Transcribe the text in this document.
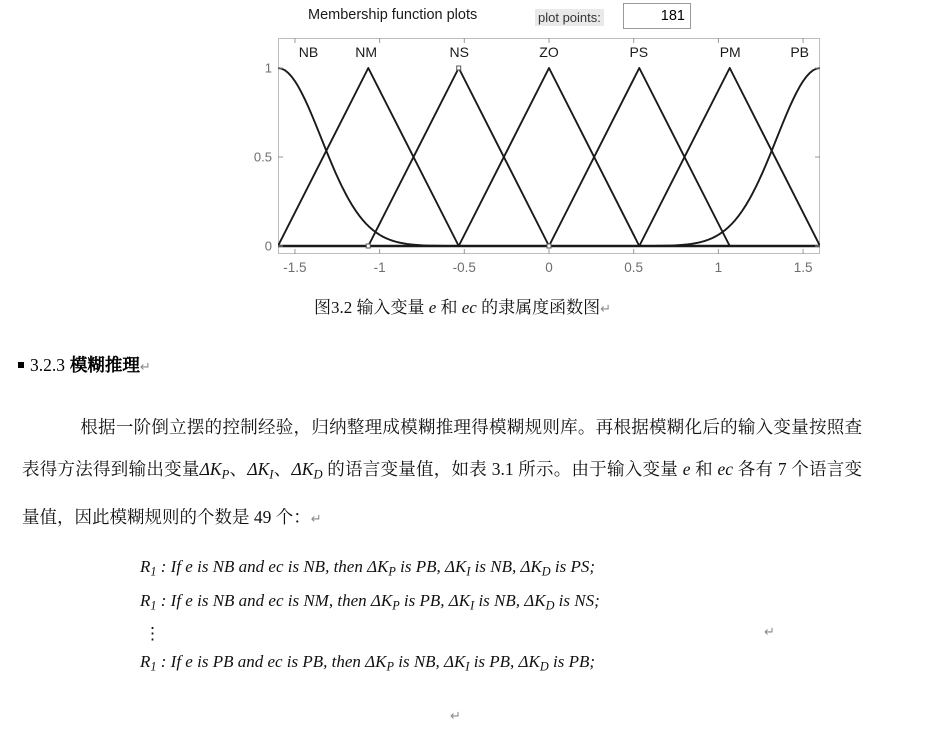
Membership function plots	plot points:	181
NB	NM	NS	ZO	PS	PM	PB
0
0.5
1
-1.5	-1	-0.5	0	0.5	1	1.5
图3.2 输入变量 e 和 ec 的隶属度函数图↵
3.2.3 模糊推理↵
根据一阶倒立摆的控制经验，归纳整理成模糊推理得模糊规则库。再根据模糊化后的输入变量按照查表得方法得到输出变量$\Delta K_P$、$\Delta K_I$、$\Delta K_D$ 的语言变量值，如表 3.1 所示。由于输入变量 e 和 ec 各有 7 个语言变量值，因此模糊规则的个数是 49 个：↵
$R_1$ : If e is NB and ec is NB, then $\Delta K_P$ is PB, $\Delta K_I$ is NB, $\Delta K_D$ is PS;
$R_1$ : If e is NB and ec is NM, then $\Delta K_P$ is PB, $\Delta K_I$ is NB, $\Delta K_D$ is NS;
⋮
$R_1$ : If e is PB and ec is PB, then $\Delta K_P$ is NB, $\Delta K_I$ is PB, $\Delta K_D$ is PB;
↵
↵
